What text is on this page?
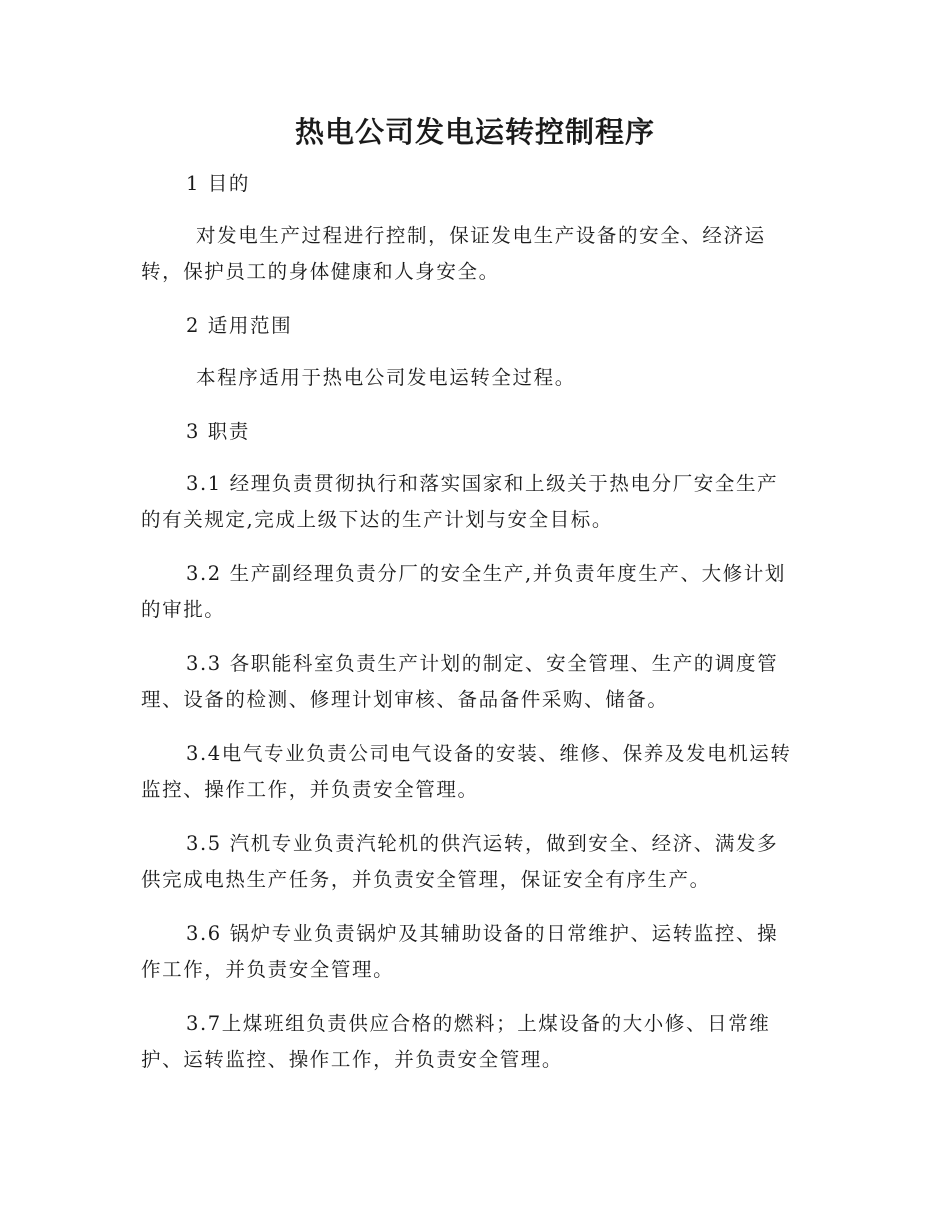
热电公司发电运转控制程序
1 目的
对发电生产过程进行控制，保证发电生产设备的安全、经济运
转，保护员工的身体健康和人身安全。
2 适用范围
本程序适用于热电公司发电运转全过程。
3 职责
3.1 经理负责贯彻执行和落实国家和上级关于热电分厂安全生产
的有关规定,完成上级下达的生产计划与安全目标。
3.2 生产副经理负责分厂的安全生产,并负责年度生产、大修计划
的审批。
3.3 各职能科室负责生产计划的制定、安全管理、生产的调度管
理、设备的检测、修理计划审核、备品备件采购、储备。
3.4电气专业负责公司电气设备的安装、维修、保养及发电机运转
监控、操作工作，并负责安全管理。
3.5 汽机专业负责汽轮机的供汽运转，做到安全、经济、满发多
供完成电热生产任务，并负责安全管理，保证安全有序生产。
3.6 锅炉专业负责锅炉及其辅助设备的日常维护、运转监控、操
作工作，并负责安全管理。
3.7上煤班组负责供应合格的燃料；上煤设备的大小修、日常维
护、运转监控、操作工作，并负责安全管理。
